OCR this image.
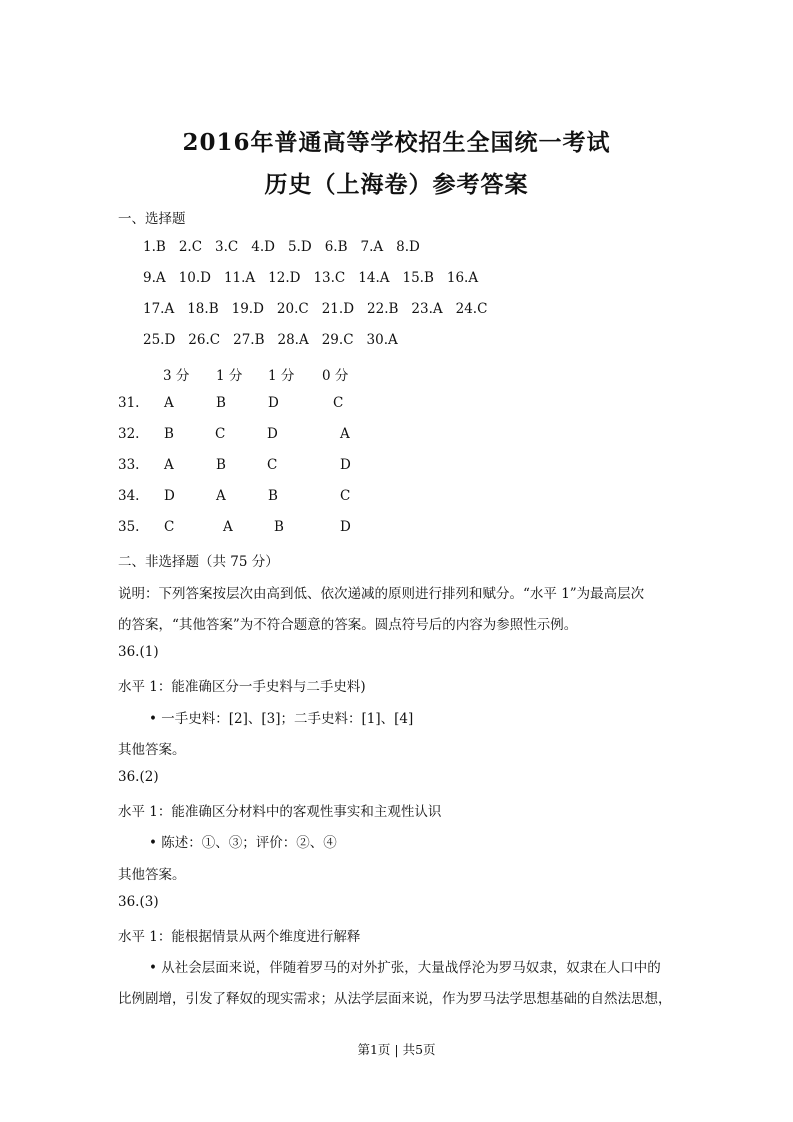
2016年普通高等学校招生全国统一考试
历史（上海卷）参考答案
一、选择题
1.B 2.C 3.C 4.D 5.D 6.B 7.A 8.D
9.A 10.D 11.A 12.D 13.C 14.A 15.B 16.A
17.A 18.B 19.D 20.C 21.D 22.B 23.A 24.C
25.D 26.C 27.B 28.A 29.C 30.A
3 分 1 分 1 分 0 分
31. A	B	D	C
32. B	C	D	A
33. A	B	C	D
34. D	A	B	C
35. C	A	B	D
二、非选择题（共 75 分）
说明：下列答案按层次由高到低、依次递减的原则进行排列和赋分。“水平 1”为最高层次
的答案，“其他答案”为不符合题意的答案。圆点符号后的内容为参照性示例。
36.(1)
水平 1：能准确区分一手史料与二手史料)
• 一手史料：[2]、[3]；二手史料：[1]、[4]
其他答案。
36.(2)
水平 1：能准确区分材料中的客观性事实和主观性认识
• 陈述：①、③；评价：②、④
其他答案。
36.(3)
水平 1：能根据情景从两个维度进行解释
• 从社会层面来说，伴随着罗马的对外扩张，大量战俘沦为罗马奴隶，奴隶在人口中的
比例剧增，引发了释奴的现实需求；从法学层面来说，作为罗马法学思想基础的自然法思想，
第1页 | 共5页
